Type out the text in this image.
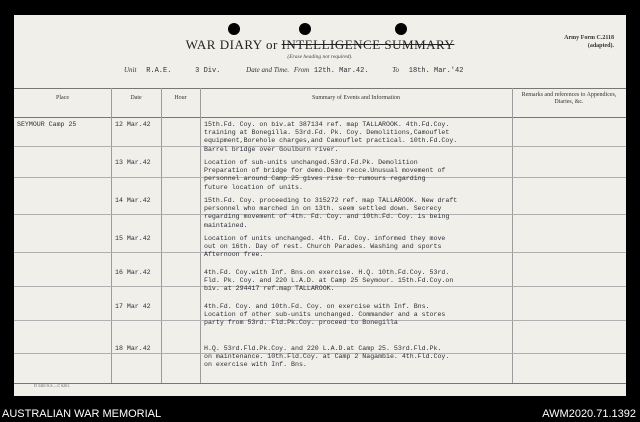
WAR DIARY or INTELLIGENCE SUMMARY
(Erase heading not required).
Army Form C.2118
(adapted).
Unit R.A.E.	3 Div.	Date and Time. From 12th. Mar.42.	To 18th. Mar.'42
Place	Date	Hour	Summary of Events and Information	Remarks and references to Appendices, Diaries, &c.
SEYMOUR Camp 25	12 Mar.42	15th.Fd. Coy. on biv.at 387134 ref. map TALLAROOK. 4th.Fd.Coy.
training at Bonegilla. 53rd.Fd. Pk. Coy. Demolitions,Camouflet
equipment,Borehole charges,and Camouflet practical. 10th.Fd.Coy.
Barrel bridge over Goulburn river.
13 Mar.42	Location of sub-units unchanged.53rd.Fd.Pk. Demolition
Preparation of bridge for demo.Demo recce.Unusual movement of
personnel around Camp 25 gives rise to rumours regarding
future location of units.
14 Mar.42	15th.Fd. Coy. proceeding to 315272 ref. map TALLAROOK. New draft
personnel who marched in on 13th. seem settled down. Secrecy
regarding movement of 4th. Fd. Coy. and 10th.Fd. Coy. is being
maintained.
15 Mar.42	Location of units unchanged. 4th. Fd. Coy. informed they move
out on 16th. Day of rest. Church Parades. Washing and sports
Afternoon free.
16 Mar.42	4th.Fd. Coy.with Inf. Bns.on exercise. H.Q. 10th.Fd.Coy. 53rd.
Fld. Pk. Coy. and 220 L.A.D. at Camp 25 Seymour. 15th.Fd.Coy.on
biv. at 294417 ref.map TALLAROOK.
17 Mar 42	4th.Fd. Coy. and 10th.Fd. Coy. on exercise with Inf. Bns.
Location of other sub-units unchanged. Commander and a stores
party from 53rd. Fld.Pk.Coy. proceed to Bonegilla
18 Mar.42	H.Q. 53rd.Fld.Pk.Coy. and 220 L.A.D.at Camp 25. 53rd.Fld.Pk.
on maintenance. 10th.Fld.Coy. at Camp 2 Nagambie. 4th.Fld.Coy.
on exercise with Inf. Bns.
D 3461/S.S.—C 6261.
AUSTRALIAN WAR MEMORIAL	AWM2020.71.1392
